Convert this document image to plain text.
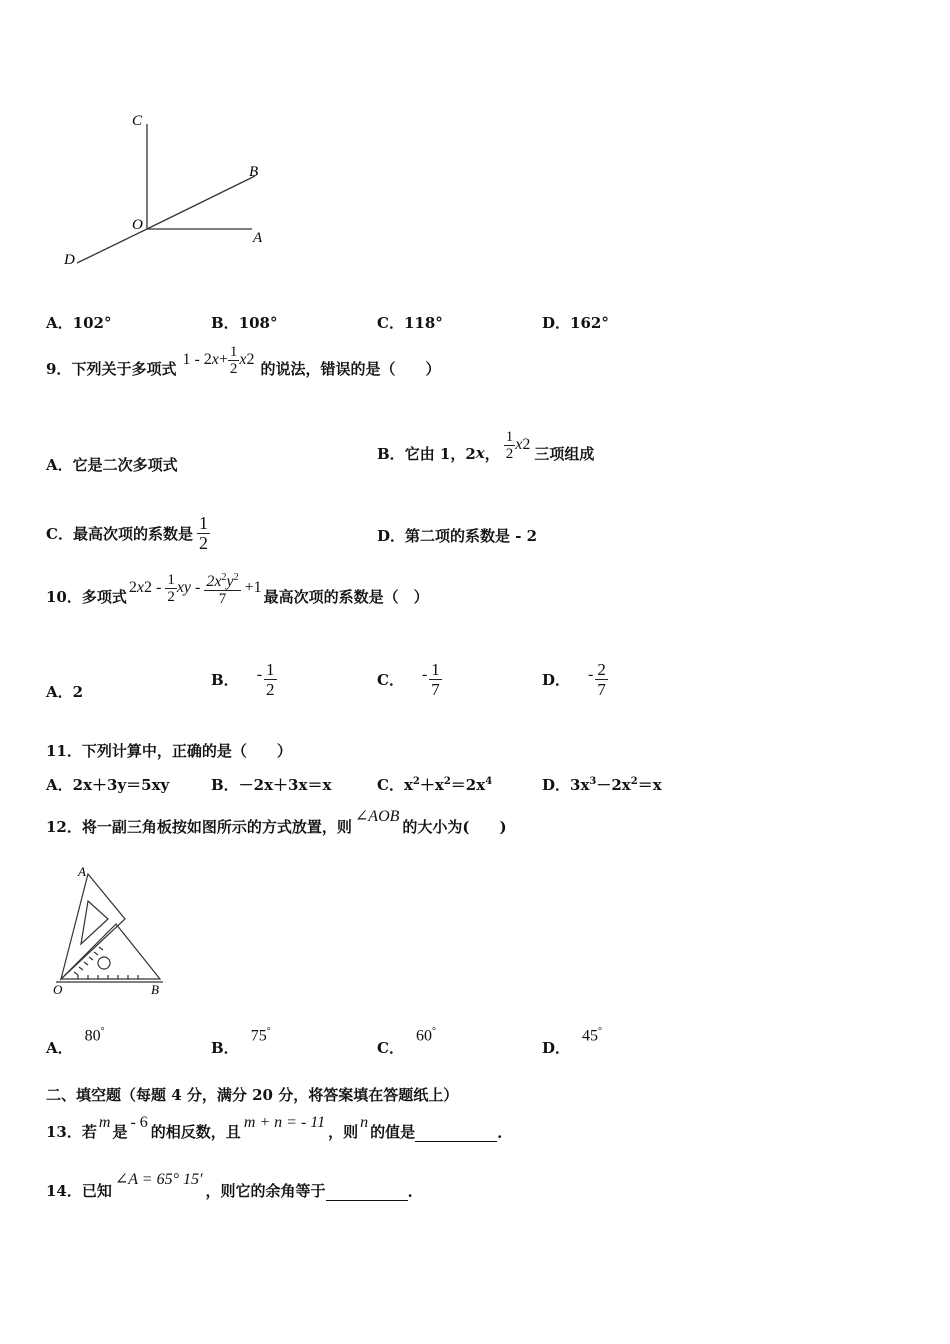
C
B
O
A
D
A．102°	B．108°	C．118°	D．162°
9． 下列关于多项式 1 - 2 $x + \frac{1}{2}$ x 2 的说法，错误的是（　　）
A．它是二次多项式
B． 它由 1，2 x ， $\frac{1}{2}$ x 2 三项组成
C． 最高次项的系数是 $\frac{1}{2}$	D．第二项的系数是 - 2
10． 多项式 2 x $2 - \frac{1}{2}$ xy - $\frac{2x^2y^2}{7} +1$ 最高次项的系数是（　）
A．2
B． - $\frac{1}{2}$	C． - $\frac{1}{7}$	D． - $\frac{2}{7}$
11．下列计算中，正确的是（　　）
A．2x＋3y＝5xy	B．－2x＋3x＝x	C．$x^2+x^2=2x^4$	D．$3x^3-2x^2=x$
12．将一副三角板按如图所示的方式放置，则
∠AOB
的大小为(　　)
A
O	B
A．
80°
B．
75°
C．
60°
D．
45°
二、填空题（每题 4 分，满分 20 分，将答案填在答题纸上）
13． 若
m
是
- 6
的相反数，且
m + n = - 11
，则
n
的值是	.
14． 已知
∠A = 65° 15′
，则它的余角等于	.
